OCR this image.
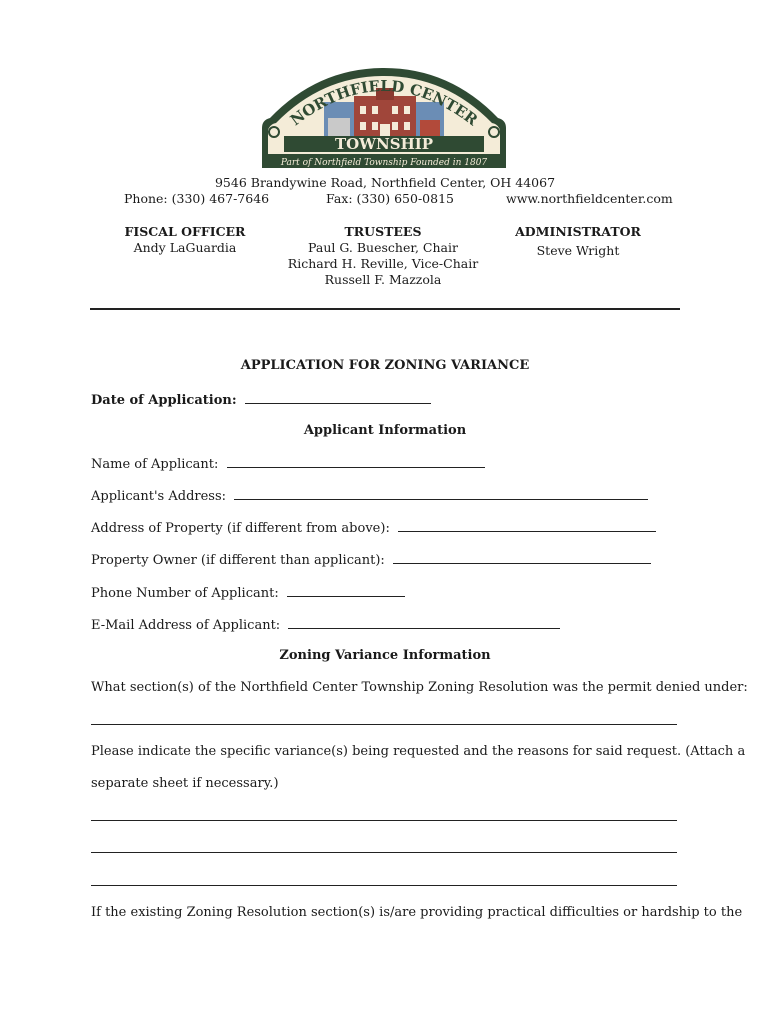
TOWNSHIP
Part of Northfield Township Founded in 1807
NORTHFIELD CENTER
9546 Brandywine Road, Northfield Center, OH 44067
Phone: (330) 467-7646	Fax: (330) 650-0815	www.northfieldcenter.com
FISCAL OFFICER
Andy LaGuardia
TRUSTEES
Paul G. Buescher, Chair
Richard H. Reville, Vice-Chair
Russell F. Mazzola
ADMINISTRATOR
Steve Wright
APPLICATION FOR ZONING VARIANCE
Date of Application:
Applicant Information
Name of Applicant:
Applicant's Address:
Address of Property (if different from above):
Property Owner (if different than applicant):
Phone Number of Applicant:
E-Mail Address of Applicant:
Zoning Variance Information
What section(s) of the Northfield Center Township Zoning Resolution was the permit denied under:
Please indicate the specific variance(s) being requested and the reasons for said request. (Attach a
separate sheet if necessary.)
If the existing Zoning Resolution section(s) is/are providing practical difficulties or hardship to the
